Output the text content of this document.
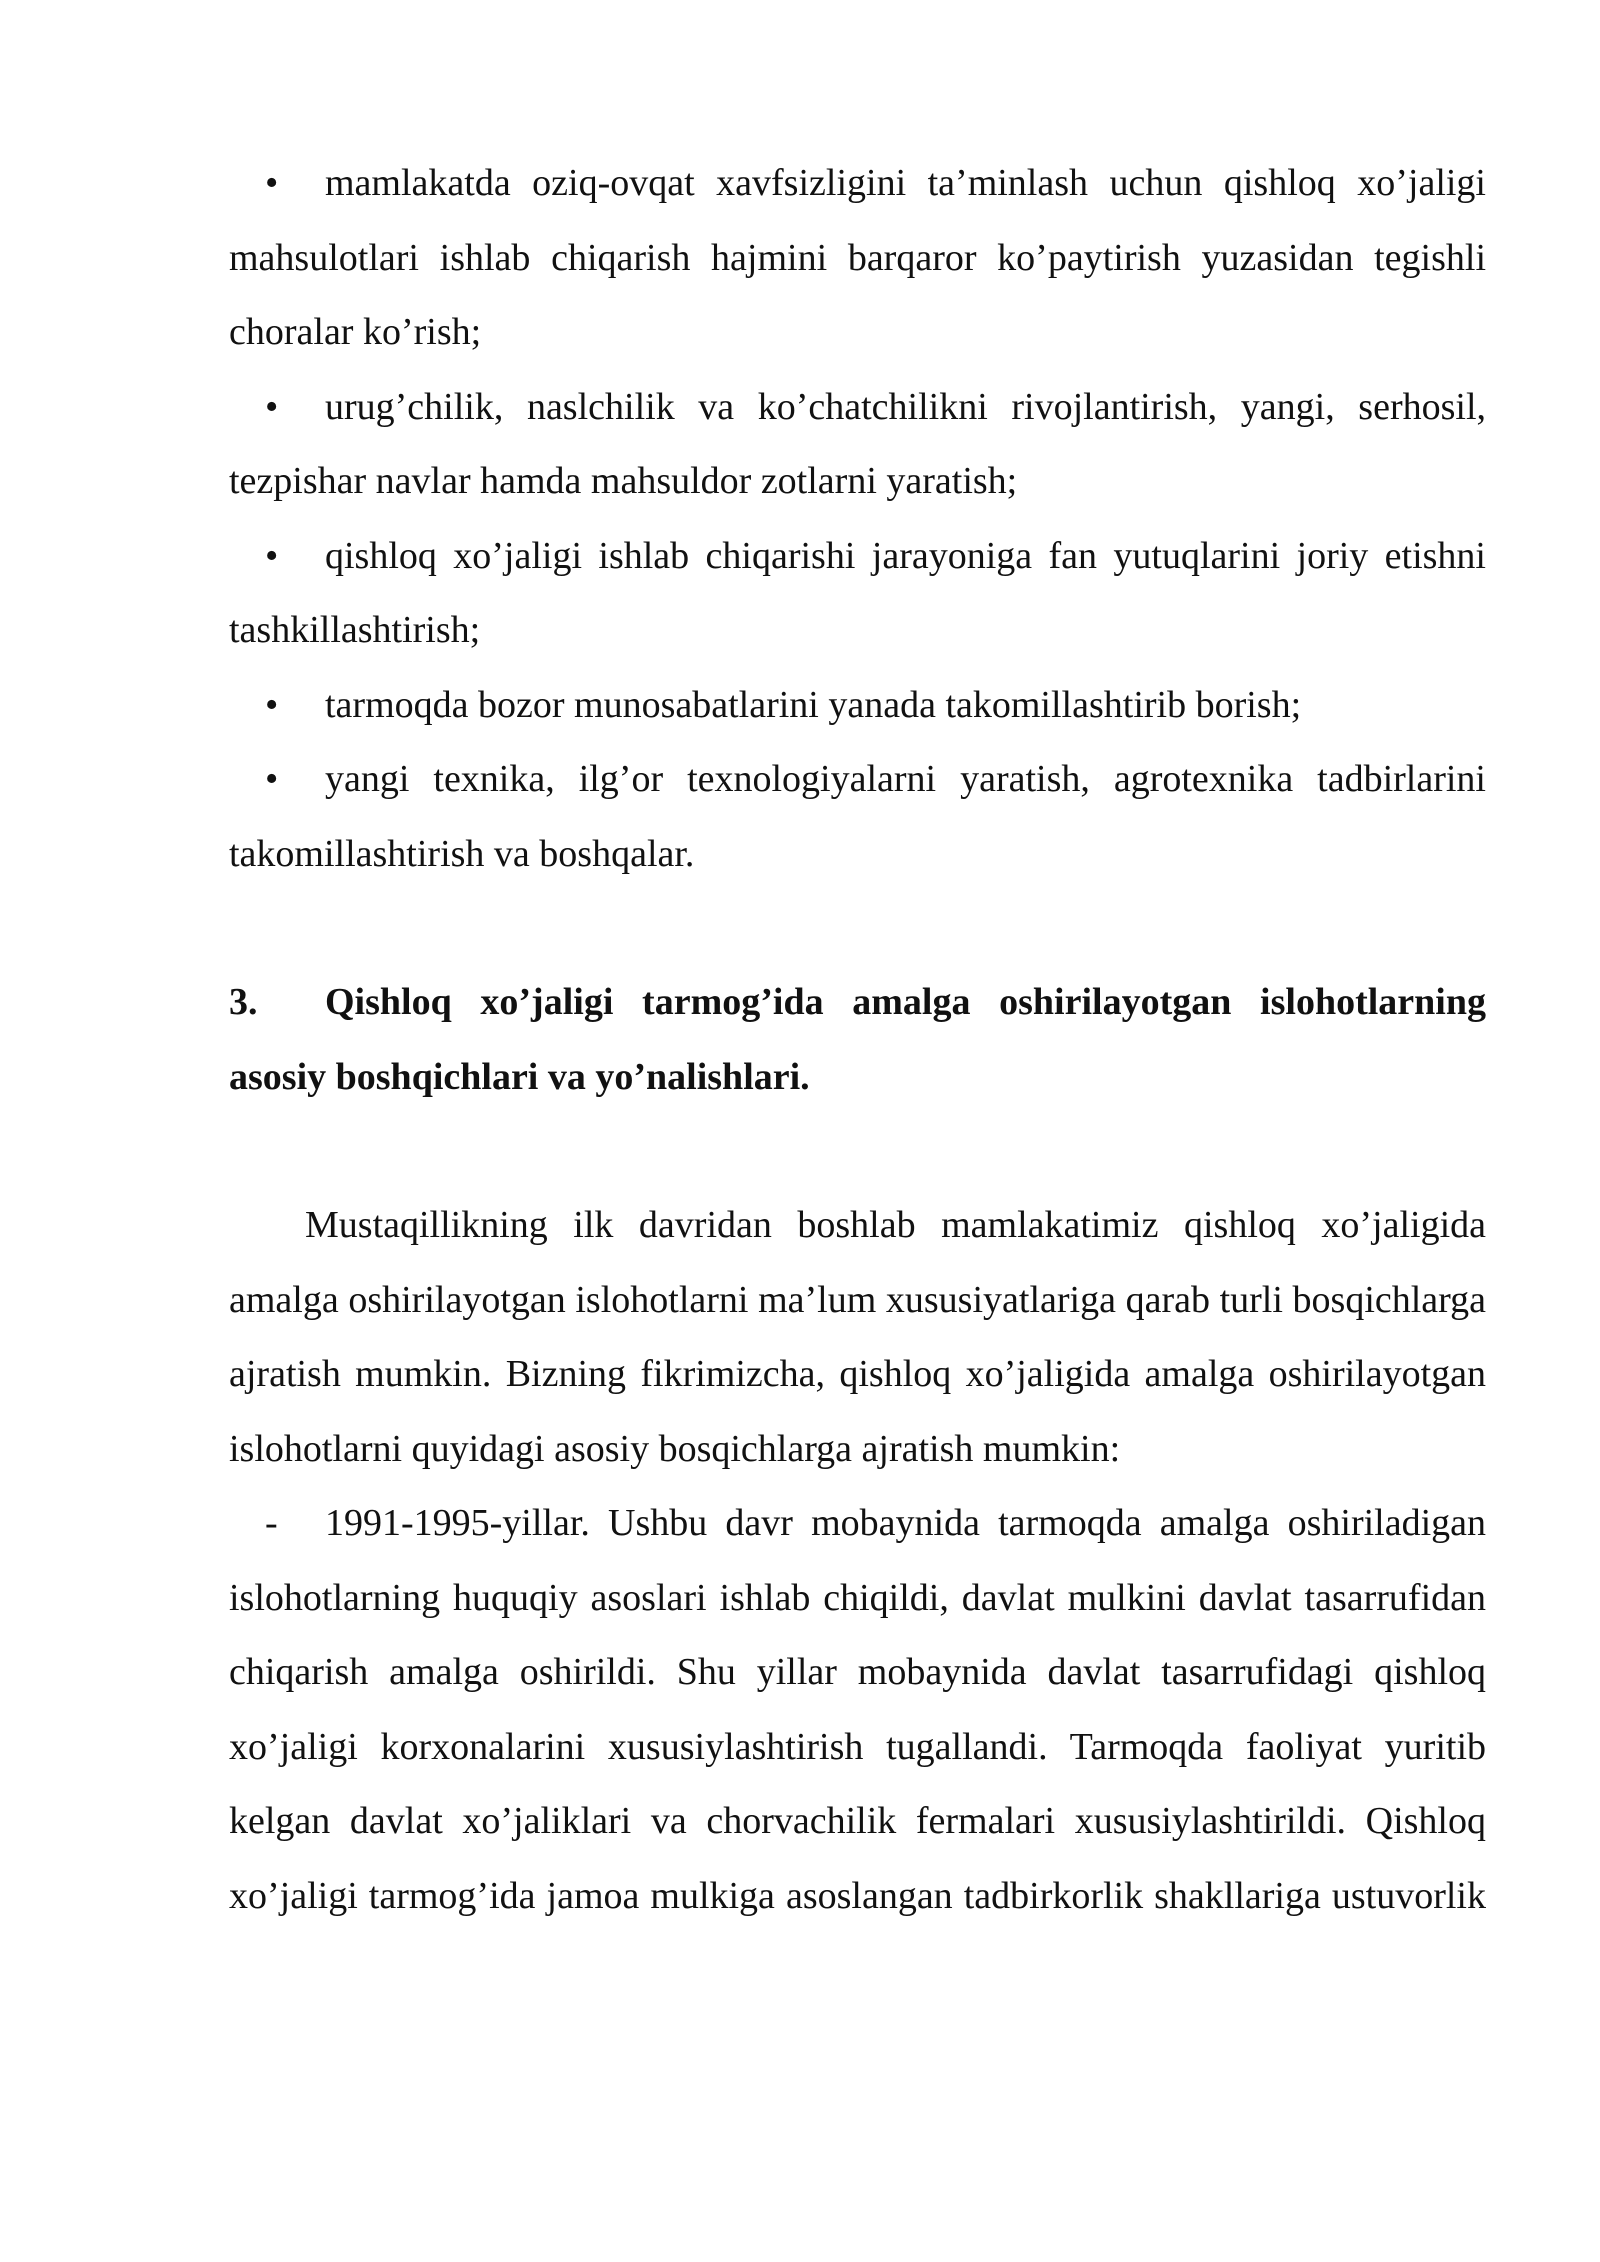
• mamlakatda oziq-ovqat xavfsizligini ta’minlash uchun qishloq xo’jaligi mahsulotlari ishlab chiqarish hajmini barqaror ko’paytirish yuzasidan tegishli choralar ko’rish;

• urug’chilik, naslchilik va ko’chatchilikni rivojlantirish, yangi, serhosil, tezpishar navlar hamda mahsuldor zotlarni yaratish;

• qishloq xo’jaligi ishlab chiqarishi jarayoniga fan yutuqlarini joriy etishni tashkillashtirish;

• tarmoqda bozor munosabatlarini yanada takomillashtirib borish;

• yangi texnika, ilg’or texnologiyalarni yaratish, agrotexnika tadbirlarini takomillashtirish va boshqalar.

3. Qishloq xo’jaligi tarmog’ida amalga oshirilayotgan islohotlarning asosiy boshqichlari va yo’nalishlari.

Mustaqillikning ilk davridan boshlab mamlakatimiz qishloq xo’jaligida amalga oshirilayotgan islohotlarni ma’lum xususiyatlariga qarab turli bosqichlarga ajratish mumkin. Bizning fikrimizcha, qishloq xo’jaligida amalga oshirilayotgan islohotlarni quyidagi asosiy bosqichlarga ajratish mumkin:

- 1991-1995-yillar. Ushbu davr mobaynida tarmoqda amalga oshiriladigan islohotlarning huquqiy asoslari ishlab chiqildi, davlat mulkini davlat tasarrufidan chiqarish amalga oshirildi. Shu yillar mobaynida davlat tasarrufidagi qishloq xo’jaligi korxonalarini xususiylashtirish tugallandi. Tarmoqda faoliyat yuritib kelgan davlat xo’jaliklari va chorvachilik fermalari xususiylashtirildi. Qishloq xo’jaligi tarmog’ida jamoa mulkiga asoslangan tadbirkorlik shakllariga ustuvorlik
